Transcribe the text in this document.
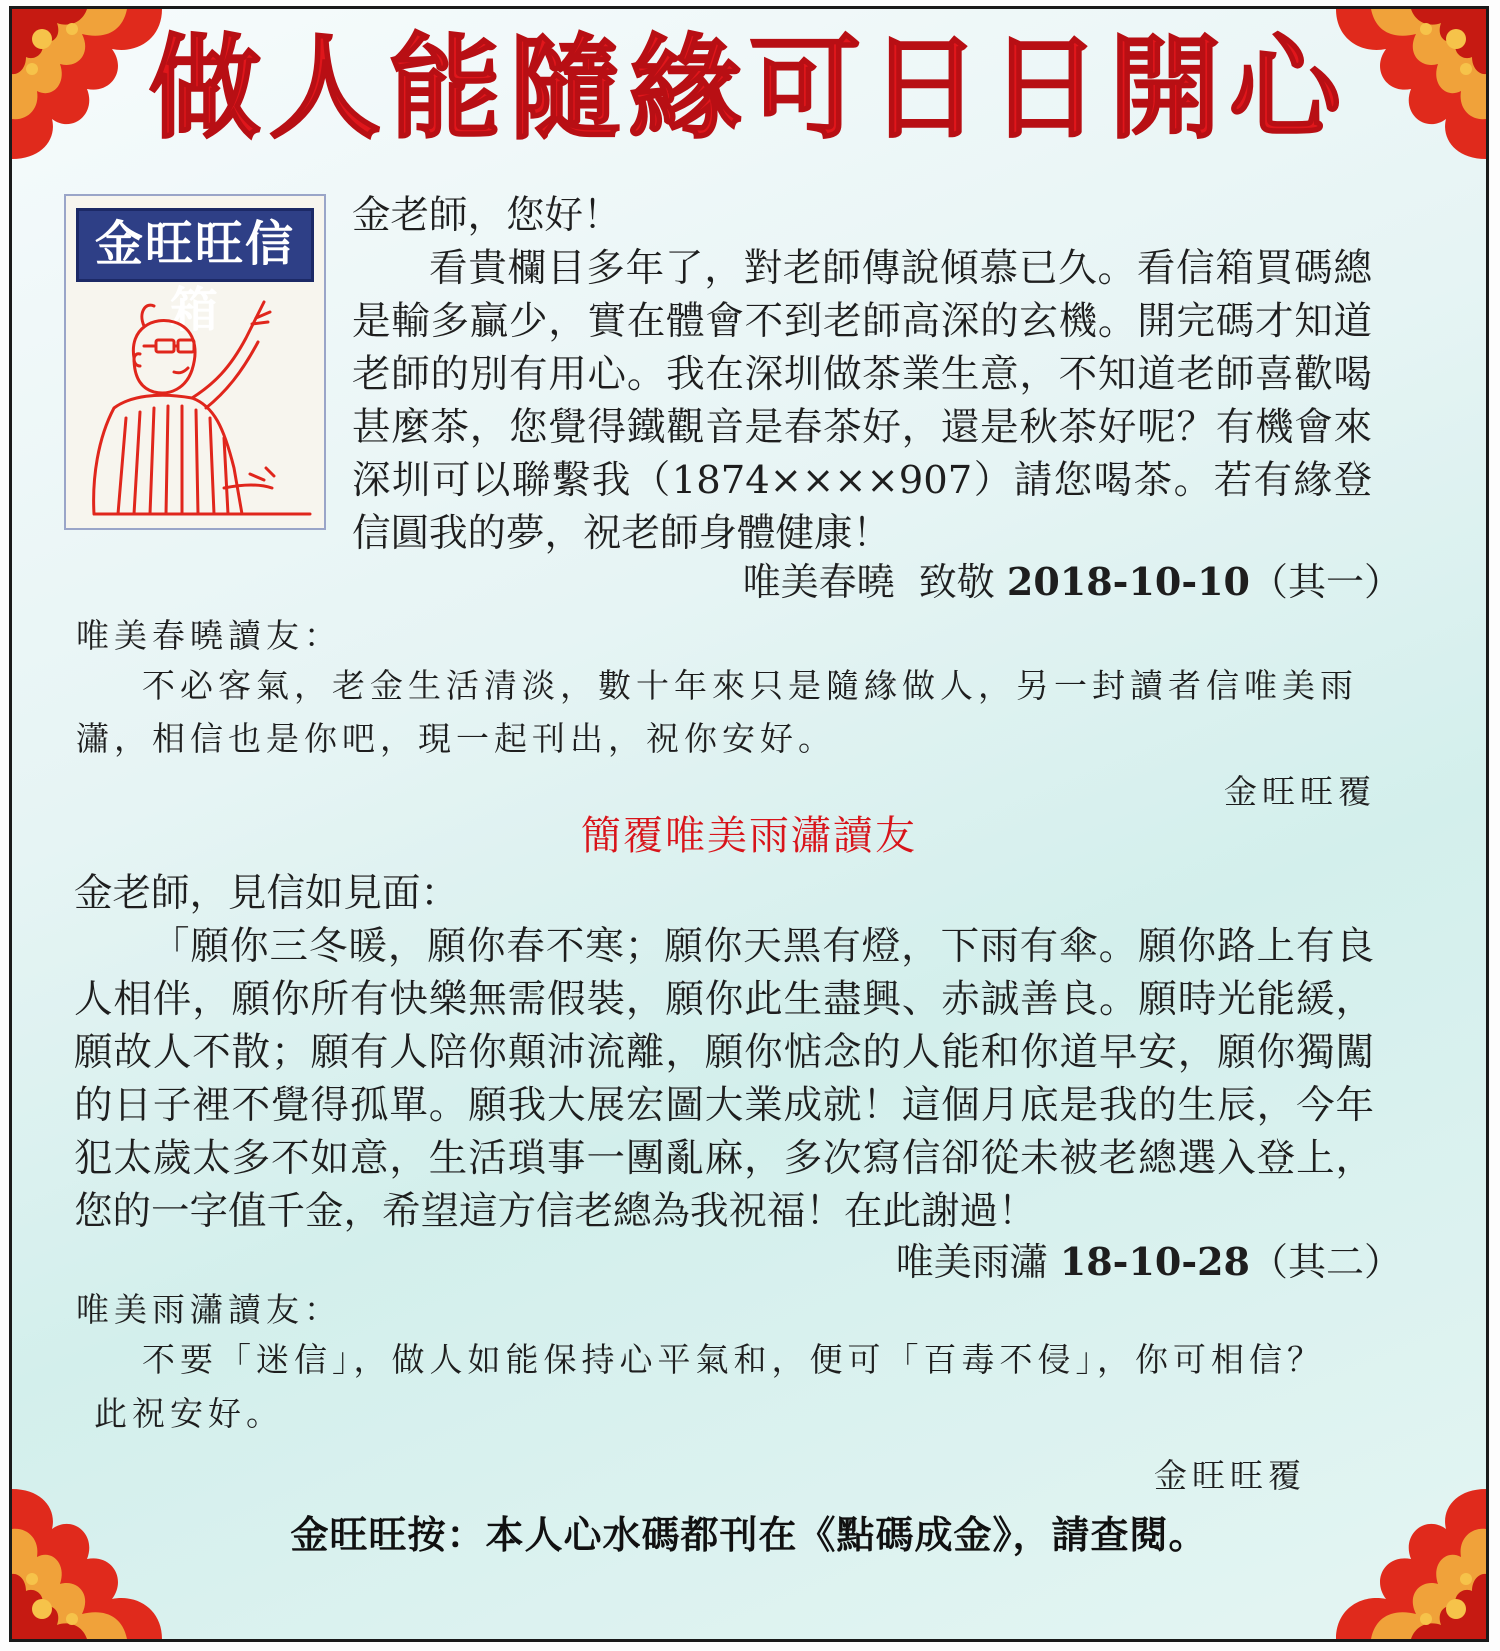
做人能隨緣可日日開心
金旺旺信箱
金老師，您好！
看貴欄目多年了，對老師傳說傾慕已久。看信箱買碼總是輸多贏少，實在體會不到老師高深的玄機。開完碼才知道老師的別有用心。我在深圳做茶業生意，不知道老師喜歡喝甚麼茶，您覺得鐵觀音是春茶好，還是秋茶好呢？有機會來深圳可以聯繫我（1874××××907）請您喝茶。若有緣登信圓我的夢，祝老師身體健康！
唯美春曉 致敬 2018-10-10（其一）
唯美春曉讀友：
不必客氣，老金生活清淡，數十年來只是隨緣做人，另一封讀者信唯美雨瀟，相信也是你吧，現一起刊出，祝你安好。
金旺旺覆
簡覆唯美雨瀟讀友
金老師，見信如見面：
「願你三冬暖，願你春不寒；願你天黑有燈，下雨有傘。願你路上有良人相伴，願你所有快樂無需假裝，願你此生盡興、赤誠善良。願時光能緩，願故人不散；願有人陪你顛沛流離，願你惦念的人能和你道早安，願你獨闖的日子裡不覺得孤單。願我大展宏圖大業成就！這個月底是我的生辰，今年犯太歲太多不如意，生活瑣事一團亂麻，多次寫信卻從未被老總選入登上，您的一字值千金，希望這方信老總為我祝福！在此謝過！
唯美雨瀟 18-10-28（其二）
唯美雨瀟讀友：
不要「迷信」，做人如能保持心平氣和，便可「百毒不侵」，你可相信？
此祝安好。
金旺旺覆
金旺旺按：本人心水碼都刊在《點碼成金》，請查閱。
